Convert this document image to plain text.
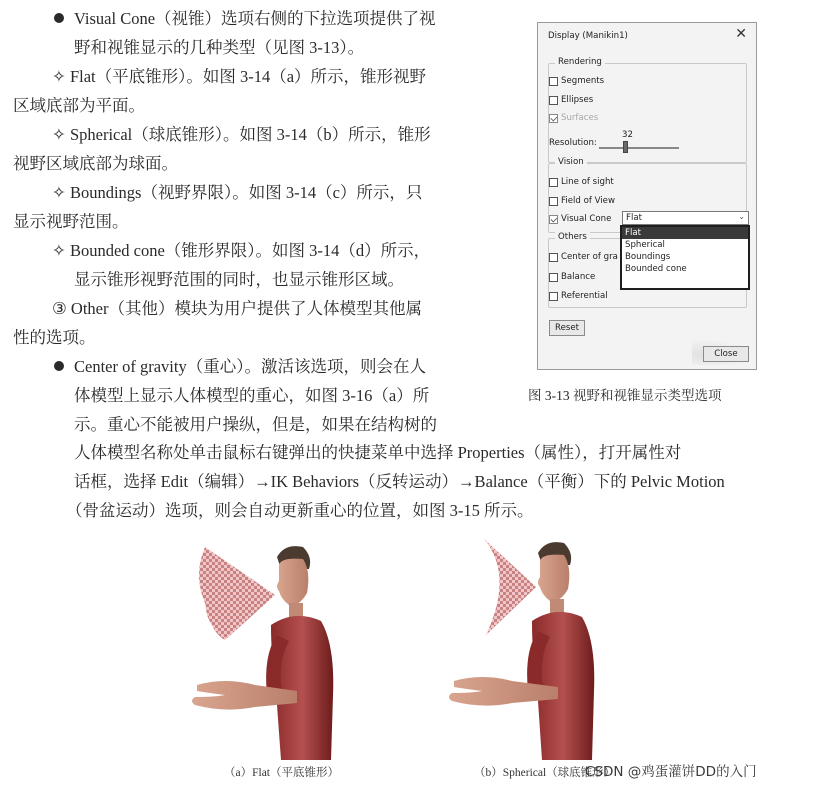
Visual Cone（视锥）选项右侧的下拉选项提供了视
野和视锥显示的几种类型（见图 3-13）。
✧ Flat（平底锥形）。如图 3-14（a）所示，锥形视野
区域底部为平面。
✧ Spherical（球底锥形）。如图 3-14（b）所示，锥形
视野区域底部为球面。
✧ Boundings（视野界限）。如图 3-14（c）所示，只
显示视野范围。
✧ Bounded cone（锥形界限）。如图 3-14（d）所示，
显示锥形视野范围的同时，也显示锥形区域。
③ Other（其他）模块为用户提供了人体模型其他属
性的选项。
Center of gravity（重心）。激活该选项，则会在人
体模型上显示人体模型的重心，如图 3-16（a）所
示。重心不能被用户操纵，但是，如果在结构树的
人体模型名称处单击鼠标右键弹出的快捷菜单中选择 Properties（属性），打开属性对
话框，选择 Edit（编辑）→IK Behaviors（反转运动）→Balance（平衡）下的 Pelvic Motion
（骨盆运动）选项，则会自动更新重心的位置，如图 3-15 所示。
Display (Manikin1)	✕
Rendering
Segments
Ellipses
Surfaces
32
Resolution:
Vision
Line of sight
Field of View
Visual Cone Flat	⌄
Others
Center of gra
Balance
Referential
Flat
Spherical
Boundings
Bounded cone
Reset
Close
图 3-13 视野和视锥显示类型选项
（a）Flat（平底锥形）	（b）Spherical（球底锥形）
CSDN @鸡蛋灌饼DD的入门
